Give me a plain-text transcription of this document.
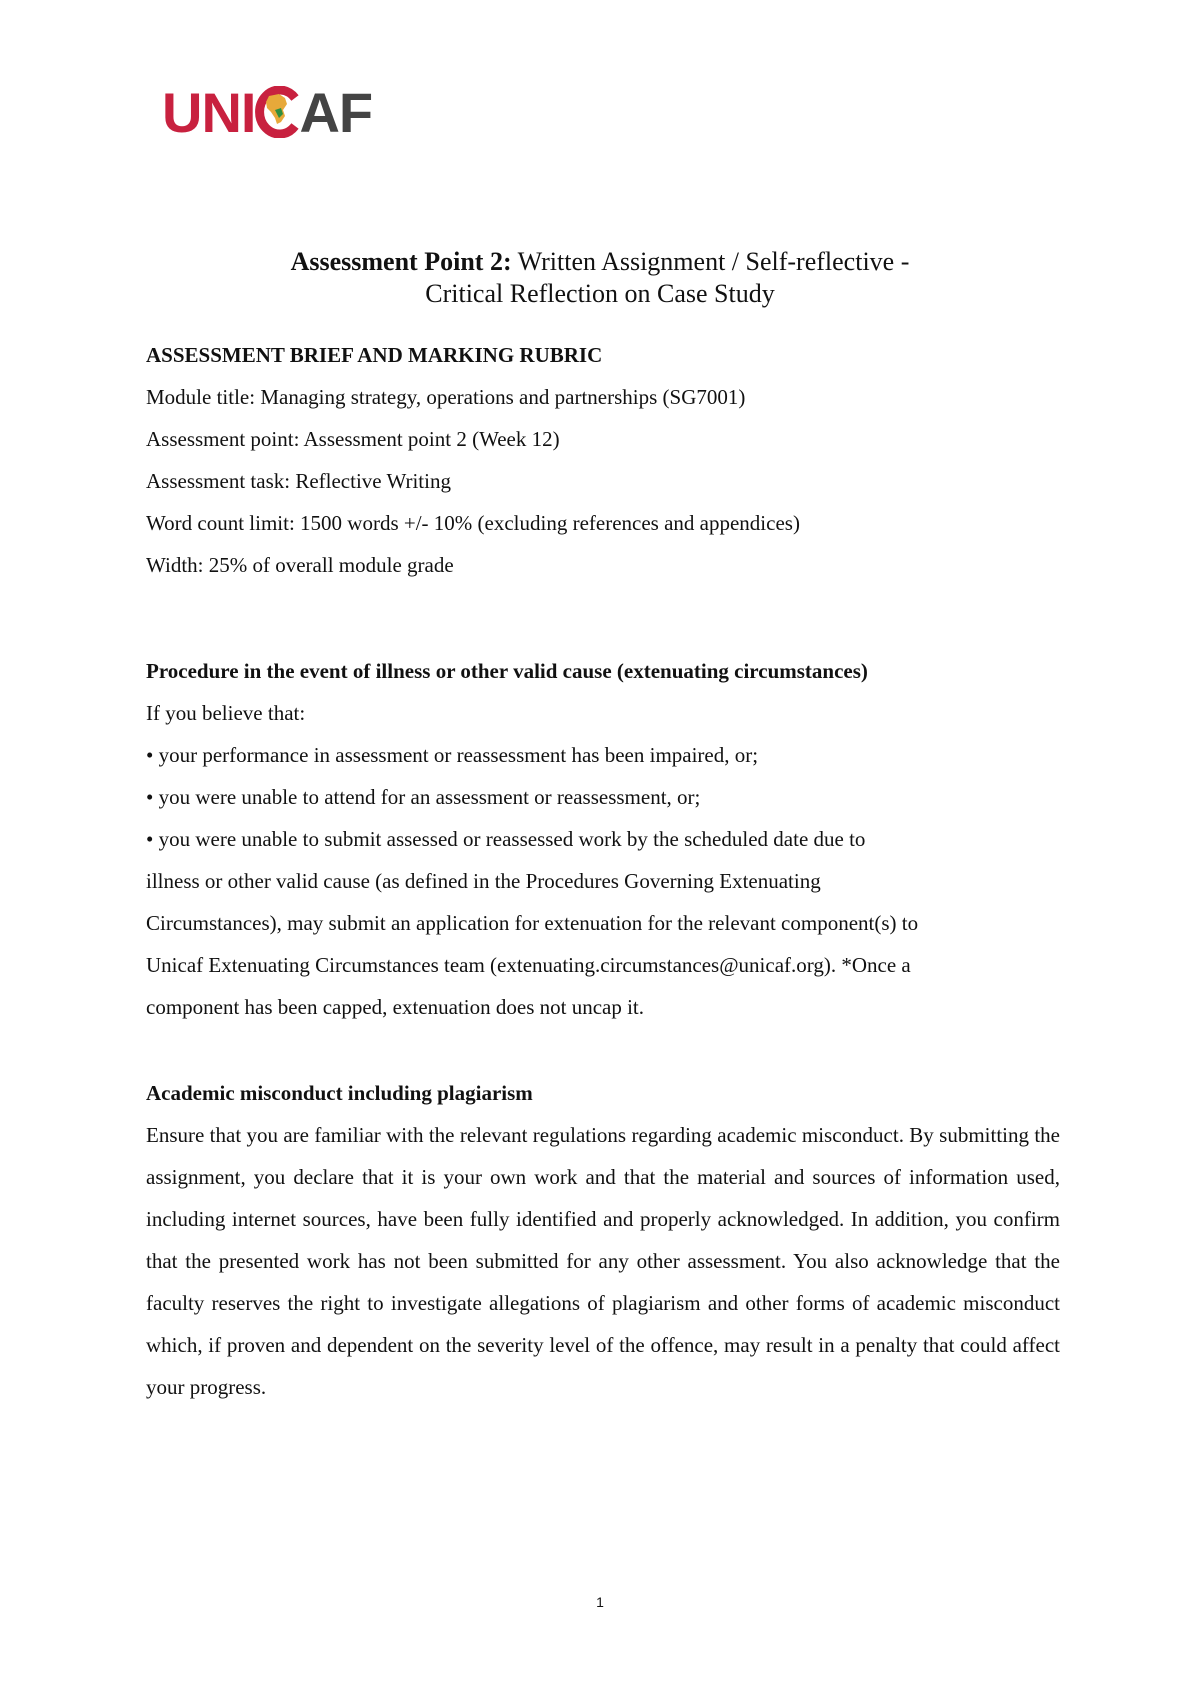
UNI AF
Assessment Point 2: Written Assignment / Self-reflective -
Critical Reflection on Case Study
ASSESSMENT BRIEF AND MARKING RUBRIC
Module title: Managing strategy, operations and partnerships (SG7001)
Assessment point: Assessment point 2 (Week 12)
Assessment task: Reflective Writing
Word count limit: 1500 words +/- 10% (excluding references and appendices)
Width: 25% of overall module grade
Procedure in the event of illness or other valid cause (extenuating circumstances)
If you believe that:
• your performance in assessment or reassessment has been impaired, or;
• you were unable to attend for an assessment or reassessment, or;
• you were unable to submit assessed or reassessed work by the scheduled date due to
illness or other valid cause (as defined in the Procedures Governing Extenuating
Circumstances), may submit an application for extenuation for the relevant component(s) to
Unicaf Extenuating Circumstances team (extenuating.circumstances@unicaf.org). *Once a
component has been capped, extenuation does not uncap it.
Academic misconduct including plagiarism
Ensure that you are familiar with the relevant regulations regarding academic misconduct. By submitting the assignment, you declare that it is your own work and that the material and sources of information used, including internet sources, have been fully identified and properly acknowledged. In addition, you confirm that the presented work has not been submitted for any other assessment. You also acknowledge that the faculty reserves the right to investigate allegations of plagiarism and other forms of academic misconduct which, if proven and dependent on the severity level of the offence, may result in a penalty that could affect your progress.
1
